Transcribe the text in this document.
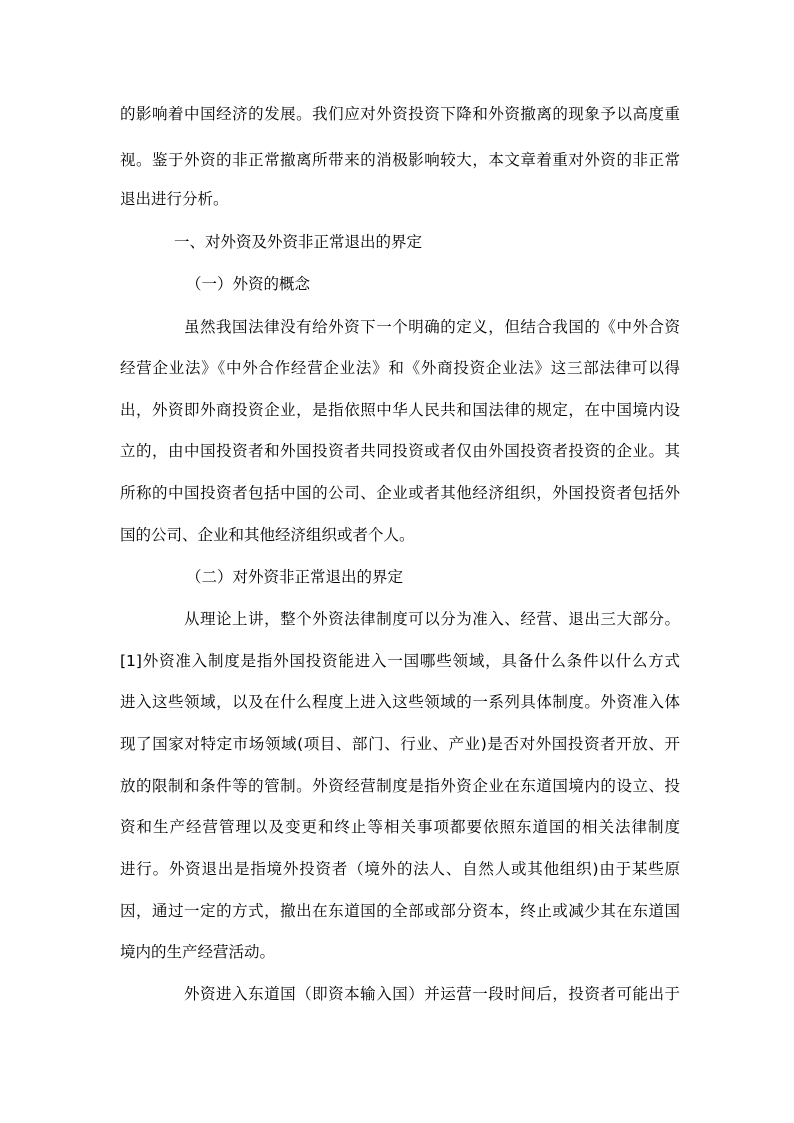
的影响着中国经济的发展。我们应对外资投资下降和外资撤离的现象予以高度重
视。鉴于外资的非正常撤离所带来的消极影响较大，本文章着重对外资的非正常
退出进行分析。
一、对外资及外资非正常退出的界定
（一）外资的概念
虽然我国法律没有给外资下一个明确的定义，但结合我国的《中外合资
经营企业法》《中外合作经营企业法》和《外商投资企业法》这三部法律可以得
出，外资即外商投资企业，是指依照中华人民共和国法律的规定，在中国境内设
立的，由中国投资者和外国投资者共同投资或者仅由外国投资者投资的企业。其
所称的中国投资者包括中国的公司、企业或者其他经济组织，外国投资者包括外
国的公司、企业和其他经济组织或者个人。
（二）对外资非正常退出的界定
从理论上讲，整个外资法律制度可以分为准入、经营、退出三大部分。
[1]外资准入制度是指外国投资能进入一国哪些领域，具备什么条件以什么方式
进入这些领域，以及在什么程度上进入这些领域的一系列具体制度。外资准入体
现了国家对特定市场领域(项目、部门、行业、产业)是否对外国投资者开放、开
放的限制和条件等的管制。外资经营制度是指外资企业在东道国境内的设立、投
资和生产经营管理以及变更和终止等相关事项都要依照东道国的相关法律制度
进行。外资退出是指境外投资者（境外的法人、自然人或其他组织)由于某些原
因，通过一定的方式，撤出在东道国的全部或部分资本，终止或减少其在东道国
境内的生产经营活动。
外资进入东道国（即资本输入国）并运营一段时间后，投资者可能出于
